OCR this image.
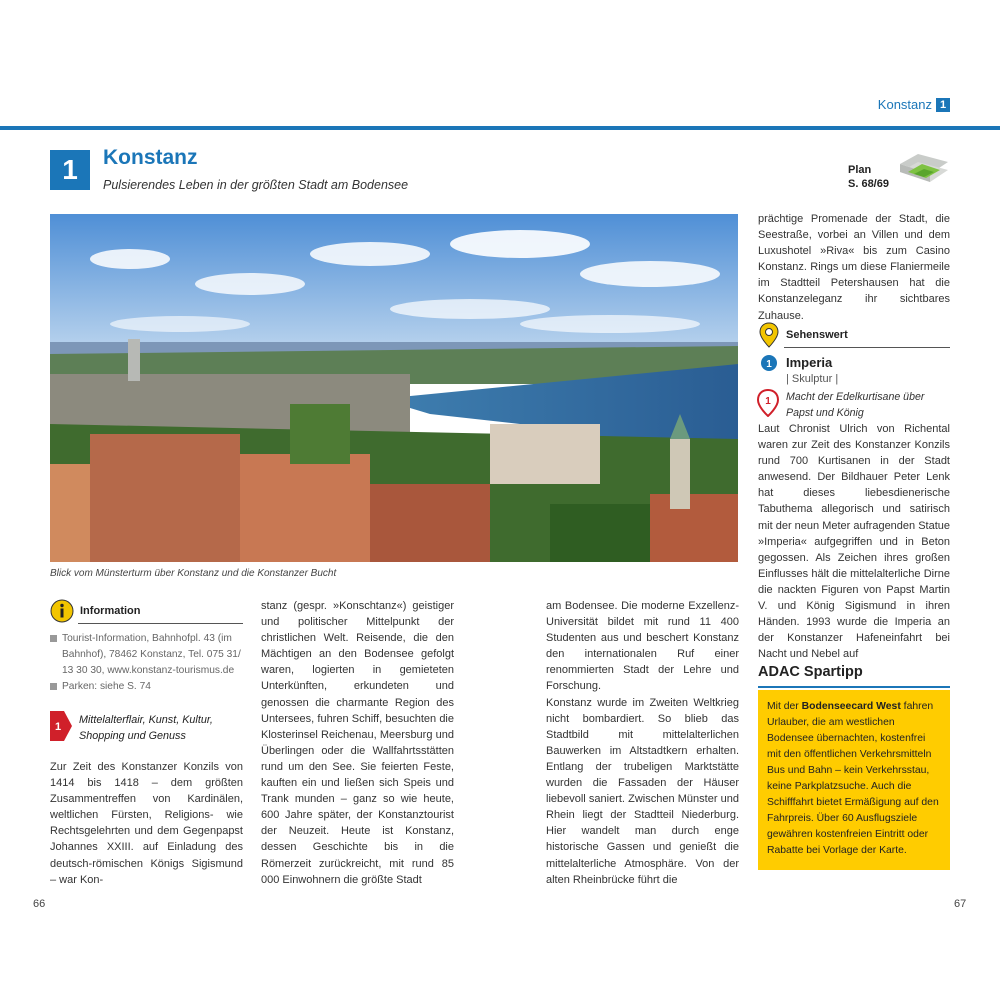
Konstanz 1
1	Konstanz
Pulsierendes Leben in der größten Stadt am Bodensee
Plan
S. 68/69
Blick vom Münsterturm über Konstanz und die Konstanzer Bucht
Information
Tourist-Information, Bahnhofpl. 43 (im Bahnhof), 78462 Konstanz, Tel. 075 31/ 13 30 30, www.konstanz-tourismus.de
Parken: siehe S. 74
1
Mittelalterflair, Kunst, Kultur,
Shopping und Genuss

Zur Zeit des Konstanzer Konzils von 1414 bis 1418 – dem größten Zusammentreffen von Kardinälen, weltlichen Fürsten, Religions- wie Rechtsgelehrten und dem Gegenpapst Johannes XXIII. auf Einladung des deutsch-römischen Königs Sigismund – war Kon-

stanz (gespr. »Konschtanz«) geistiger und politischer Mittelpunkt der christlichen Welt. Reisende, die den Mächtigen an den Bodensee gefolgt waren, logierten in gemieteten Unterkünften, erkundeten und genossen die charmante Region des Untersees, fuhren Schiff, besuchten die Klosterinsel Reichenau, Meersburg und Überlingen oder die Wallfahrtsstätten rund um den See. Sie feierten Feste, kauften ein und ließen sich Speis und Trank munden – ganz so wie heute, 600 Jahre später, der Konstanztourist der Neuzeit. Heute ist Konstanz, dessen Geschichte bis in die Römerzeit zurückreicht, mit rund 85 000 Einwohnern die größte Stadt

am Bodensee. Die moderne Exzellenz-Universität bildet mit rund 11 400 Studenten aus und beschert Konstanz den internationalen Ruf einer renommierten Stadt der Lehre und Forschung.

Konstanz wurde im Zweiten Weltkrieg nicht bombardiert. So blieb das Stadtbild mit mittelalterlichen Bauwerken im Altstadtkern erhalten. Entlang der trubeligen Marktstätte wurden die Fassaden der Häuser liebevoll saniert. Zwischen Münster und Rhein liegt der Stadtteil Niederburg. Hier wandelt man durch enge historische Gassen und genießt die mittelalterliche Atmosphäre. Von der alten Rheinbrücke führt die

prächtige Promenade der Stadt, die Seestraße, vorbei an Villen und dem Luxushotel »Riva« bis zum Casino Konstanz. Rings um diese Flaniermeile im Stadtteil Petershausen hat die Konstanzeleganz ihr sichtbares Zuhause.

Sehenswert
1 Imperia
| Skulptur |
1 Macht der Edelkurtisane über
Papst und König

Laut Chronist Ulrich von Richental waren zur Zeit des Konstanzer Konzils rund 700 Kurtisanen in der Stadt anwesend. Der Bildhauer Peter Lenk hat dieses liebesdienerische Tabuthema allegorisch und satirisch mit der neun Meter aufragenden Statue »Imperia« aufgegriffen und in Beton gegossen. Als Zeichen ihres großen Einflusses hält die mittelalterliche Dirne die nackten Figuren von Papst Martin V. und König Sigismund in ihren Händen. 1993 wurde die Imperia an der Konstanzer Hafeneinfahrt bei Nacht und Nebel auf

ADAC Spartipp
Mit der Bodenseecard West fahren Urlauber, die am westlichen Bodensee übernachten, kostenfrei mit den öffentlichen Verkehrsmitteln Bus und Bahn – kein Verkehrsstau, keine Parkplatzsuche. Auch die Schifffahrt bietet Ermäßigung auf den Fahrpreis. Über 60 Ausflugsziele gewähren kostenfreien Eintritt oder Rabatte bei Vorlage der Karte.
66	67
